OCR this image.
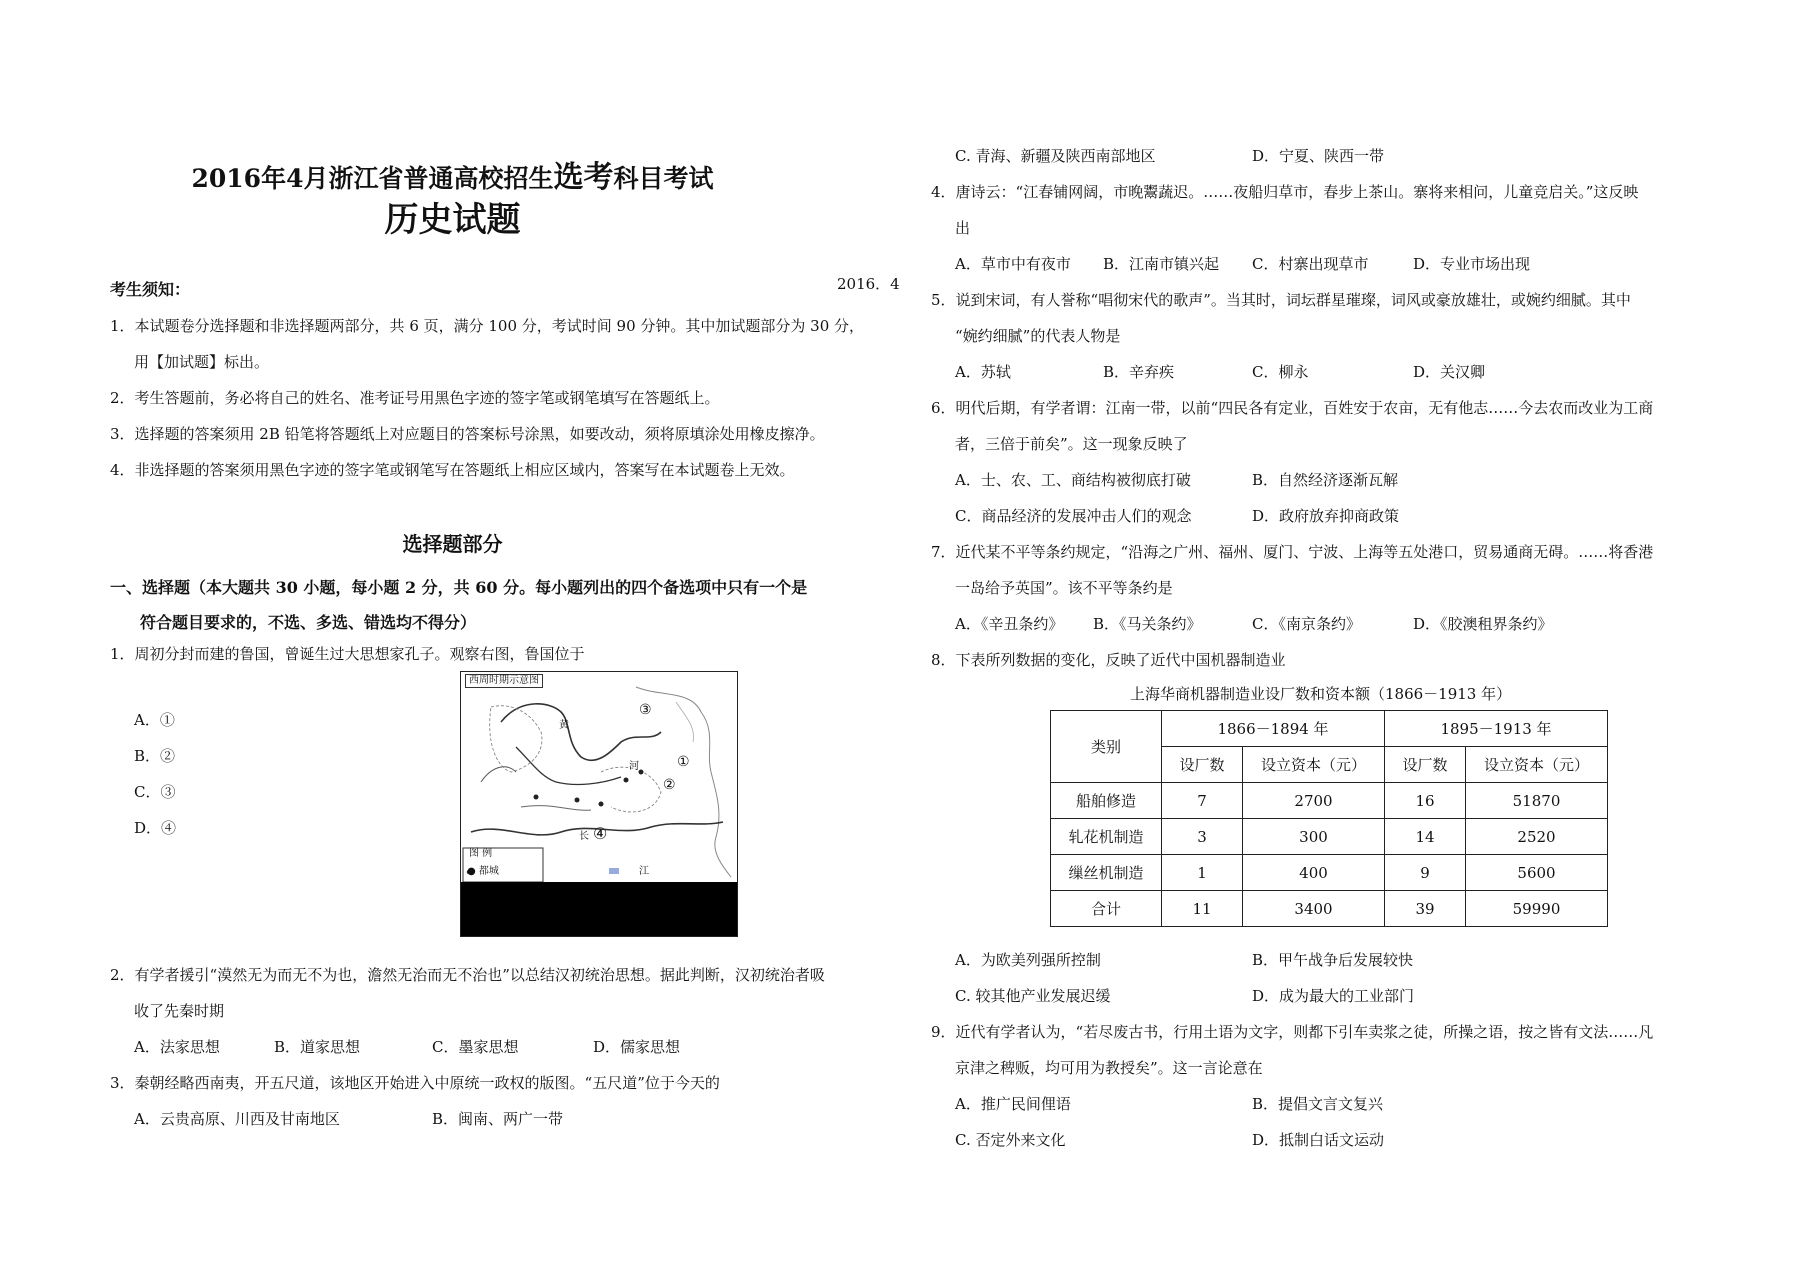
2016年4月浙江省普通高校招生选考科目考试
历史试题
2016．4
考生须知：
1．本试题卷分选择题和非选择题两部分，共 6 页，满分 100 分，考试时间 90 分钟。其中加试题部分为 30 分，
用【加试题】标出。
2．考生答题前，务必将自己的姓名、准考证号用黑色字迹的签字笔或钢笔填写在答题纸上。
3．选择题的答案须用 2B 铅笔将答题纸上对应题目的答案标号涂黑，如要改动，须将原填涂处用橡皮擦净。
4．非选择题的答案须用黑色字迹的签字笔或钢笔写在答题纸上相应区域内，答案写在本试题卷上无效。
选择题部分
一、选择题（本大题共 30 小题，每小题 2 分，共 60 分。每小题列出的四个备选项中只有一个是
符合题目要求的，不选、多选、错选均不得分）
1．周初分封而建的鲁国，曾诞生过大思想家孔子。观察右图，鲁国位于
A．①
B．②
C．③
D．④
西周时期示意图
③
①
②
④
黄
河
长
江
图 例
● 都城
2．有学者援引“漠然无为而无不为也，澹然无治而无不治也”以总结汉初统治思想。据此判断，汉初统治者吸
收了先秦时期
A．法家思想	B．道家思想	C．墨家思想	D．儒家思想
3．秦朝经略西南夷，开五尺道，该地区开始进入中原统一政权的版图。“五尺道”位于今天的
A．云贵高原、川西及甘南地区	B．闽南、两广一带
C. 青海、新疆及陕西南部地区	D．宁夏、陕西一带
4．唐诗云：“江春铺网阔，市晚鬻蔬迟。……夜船归草市，春步上茶山。寨将来相问，儿童竞启关。”这反映
出
A．草市中有夜市 B．江南市镇兴起 C．村寨出现草市	D．专业市场出现
5．说到宋词，有人誉称“唱彻宋代的歌声”。当其时，词坛群星璀璨，词风或豪放雄壮，或婉约细腻。其中
“婉约细腻”的代表人物是
A．苏轼	B．辛弃疾	C．柳永	D．关汉卿
6．明代后期，有学者谓：江南一带，以前“四民各有定业，百姓安于农亩，无有他志……今去农而改业为工商
者，三倍于前矣”。这一现象反映了
A．士、农、工、商结构被彻底打破	B．自然经济逐渐瓦解
C．商品经济的发展冲击人们的观念	D．政府放弃抑商政策
7．近代某不平等条约规定，“沿海之广州、福州、厦门、宁波、上海等五处港口，贸易通商无碍。……将香港
一岛给予英国”。该不平等条约是
A．《辛丑条约》 B．《马关条约》	C．《南京条约》	D．《胶澳租界条约》
8．下表所列数据的变化，反映了近代中国机器制造业
上海华商机器制造业设厂数和资本额（1866－1913 年）
类别	1866－1894 年		1895－1913 年	
	设厂数	设立资本（元）	设厂数	设立资本（元）
船舶修造	7	2700	16	51870
轧花机制造	3	300	14	2520
缫丝机制造	1	400	9	5600
合计	11	3400	39	59990
A．为欧美列强所控制	B．甲午战争后发展较快
C. 较其他产业发展迟缓	D．成为最大的工业部门
9．近代有学者认为，“若尽废古书，行用土语为文字，则都下引车卖浆之徒，所操之语，按之皆有文法……凡
京津之稗贩，均可用为教授矣”。这一言论意在
A．推广民间俚语	B．提倡文言文复兴
C. 否定外来文化	D．抵制白话文运动
